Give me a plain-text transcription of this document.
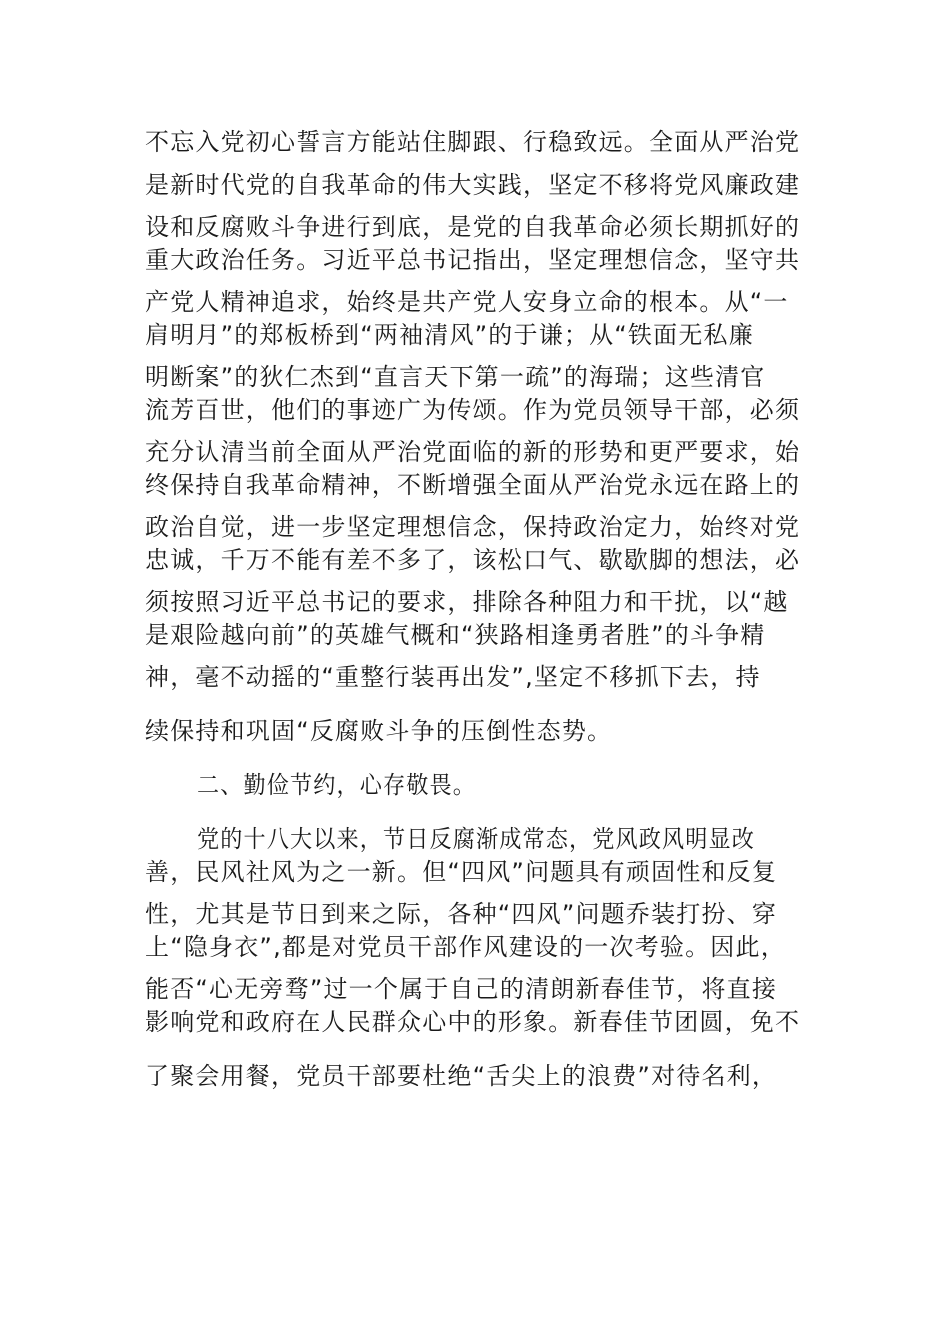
不忘入党初心誓言方能站住脚跟、行稳致远。全面从严治党
是新时代党的自我革命的伟大实践，坚定不移将党风廉政建
设和反腐败斗争进行到底，是党的自我革命必须长期抓好的
重大政治任务。习近平总书记指出，坚定理想信念，坚守共
产党人精神追求，始终是共产党人安身立命的根本。从“一
肩明月”的郑板桥到“两袖清风”的于谦；从“铁面无私廉
明断案”的狄仁杰到“直言天下第一疏”的海瑞；这些清官
流芳百世，他们的事迹广为传颂。作为党员领导干部，必须
充分认清当前全面从严治党面临的新的形势和更严要求，始
终保持自我革命精神，不断增强全面从严治党永远在路上的
政治自觉，进一步坚定理想信念，保持政治定力，始终对党
忠诚，千万不能有差不多了，该松口气、歇歇脚的想法，必
须按照习近平总书记的要求，排除各种阻力和干扰，以“越
是艰险越向前”的英雄气概和“狭路相逢勇者胜”的斗争精
神，毫不动摇的“重整行装再出发”,坚定不移抓下去，持
续保持和巩固“反腐败斗争的压倒性态势。
二、勤俭节约，心存敬畏。
党的十八大以来，节日反腐渐成常态，党风政风明显改
善，民风社风为之一新。但“四风”问题具有顽固性和反复
性，尤其是节日到来之际，各种“四风”问题乔装打扮、穿
上“隐身衣”,都是对党员干部作风建设的一次考验。因此，
能否“心无旁骛”过一个属于自己的清朗新春佳节，将直接
影响党和政府在人民群众心中的形象。新春佳节团圆，免不
了聚会用餐，党员干部要杜绝“舌尖上的浪费”对待名利，
